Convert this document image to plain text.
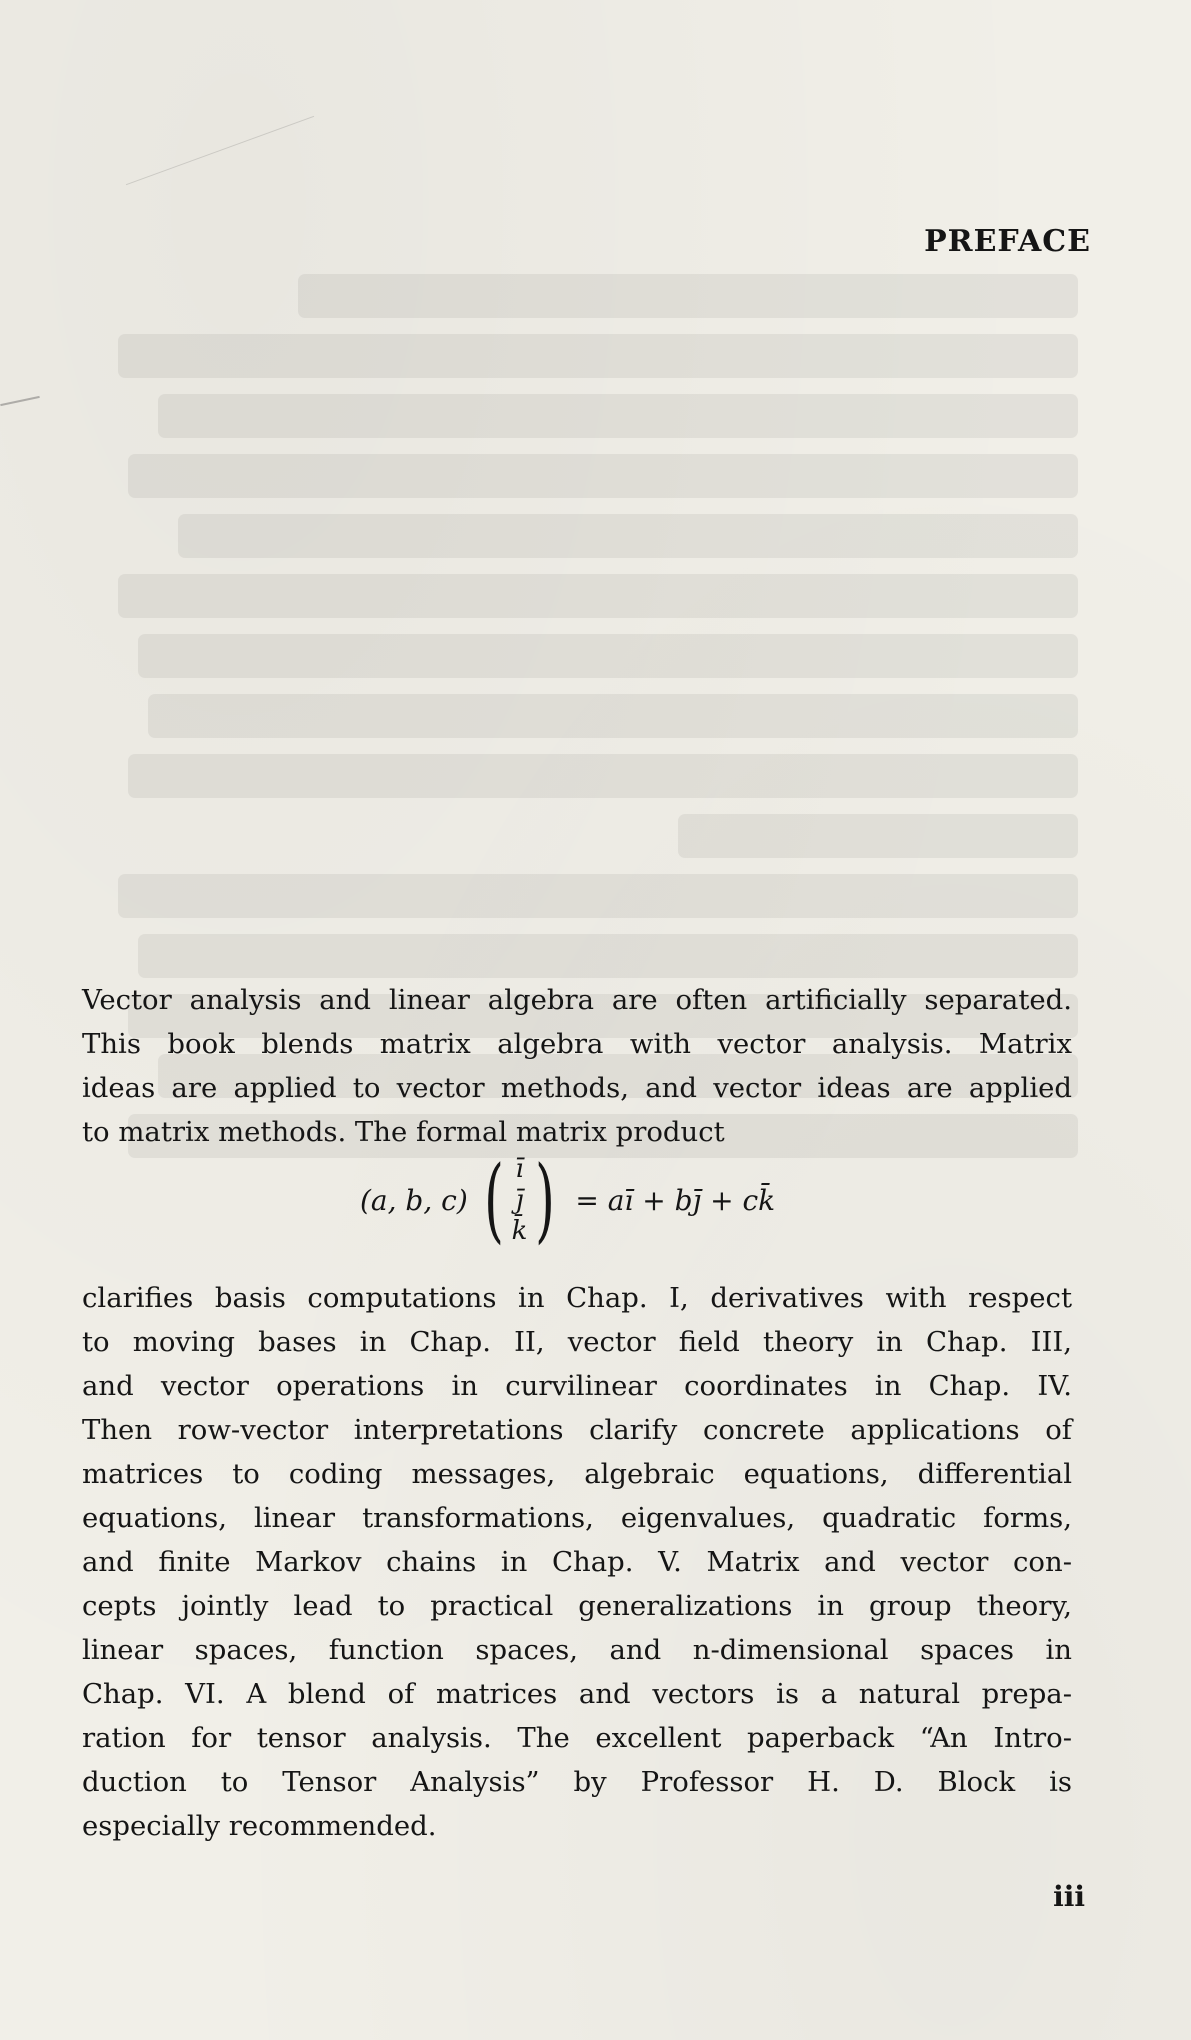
PREFACE
Vector analysis and linear algebra are often artificially separated.
This book blends matrix algebra with vector analysis. Matrix
ideas are applied to vector methods, and vector ideas are applied
to matrix methods. The formal matrix product
(a, b, c) ( ī
j̄
k̄ ) = aī + bj̄ + ck̄
clarifies basis computations in Chap. I, derivatives with respect
to moving bases in Chap. II, vector field theory in Chap. III,
and vector operations in curvilinear coordinates in Chap. IV.
Then row-vector interpretations clarify concrete applications of
matrices to coding messages, algebraic equations, differential
equations, linear transformations, eigenvalues, quadratic forms,
and finite Markov chains in Chap. V. Matrix and vector con-
cepts jointly lead to practical generalizations in group theory,
linear spaces, function spaces, and n-dimensional spaces in
Chap. VI. A blend of matrices and vectors is a natural prepa-
ration for tensor analysis. The excellent paperback “An Intro-
duction to Tensor Analysis” by Professor H. D. Block is
especially recommended.
iii
